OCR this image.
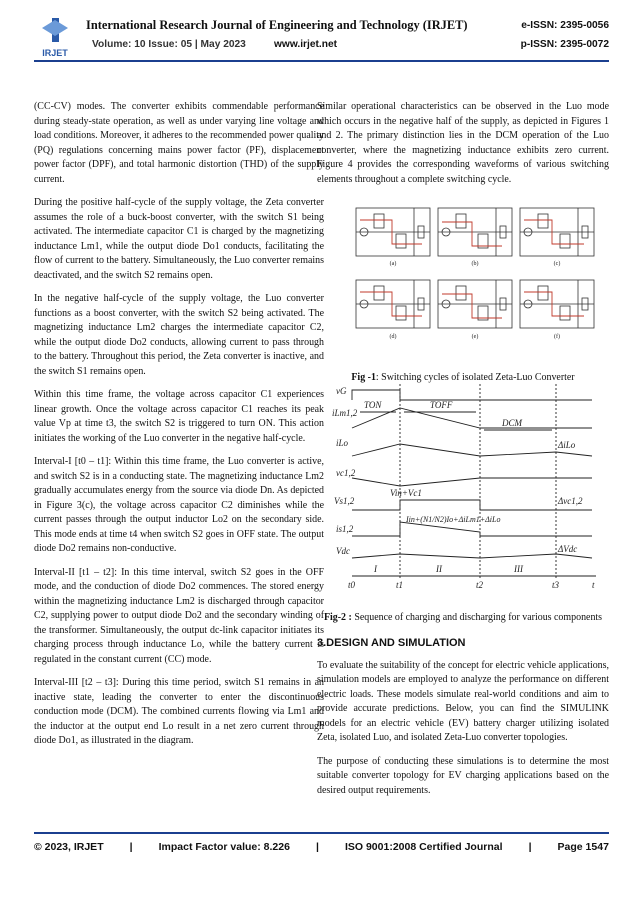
IRJET
International Research Journal of Engineering and Technology (IRJET)	e-ISSN: 2395-0056
Volume: 10 Issue: 05 | May 2023	www.irjet.net	p-ISSN: 2395-0072

(CC-CV) modes. The converter exhibits commendable performance during steady-state operation, as well as under varying line voltage and load conditions. Moreover, it adheres to the recommended power quality (PQ) regulations concerning mains power factor (PF), displacement power factor (DPF), and total harmonic distortion (THD) of the supply current.

During the positive half-cycle of the supply voltage, the Zeta converter assumes the role of a buck-boost converter, with the switch S1 being activated. The intermediate capacitor C1 is charged by the magnetizing inductance Lm1, while the output diode Do1 conducts, facilitating the flow of current to the battery. Simultaneously, the Luo converter remains deactivated, and the switch S2 remains open.

In the negative half-cycle of the supply voltage, the Luo converter functions as a boost converter, with the switch S2 being activated. The magnetizing inductance Lm2 charges the intermediate capacitor C2, while the output diode Do2 conducts, allowing current to pass through to the battery. Throughout this period, the Zeta converter is inactive, and the switch S1 remains open.

Within this time frame, the voltage across capacitor C1 experiences linear growth. Once the voltage across capacitor C1 reaches its peak value Vp at time t3, the switch S2 is triggered to turn ON. This action initiates the working of the Luo converter in the negative half-cycle.

Interval-I [t0 – t1]: Within this time frame, the Luo converter is active, and switch S2 is in a conducting state. The magnetizing inductance Lm2 gradually accumulates energy from the source via diode Dn. As depicted in Figure 3(c), the voltage across capacitor C2 diminishes while the current passes through the output inductor Lo2 on the secondary side. This mode ends at time t4 when switch S2 goes in OFF state. The output diode Do2 remains non-conductive.

Interval-II [t1 – t2]: In this time interval, switch S2 goes in the OFF mode, and the conduction of diode Do2 commences. The stored energy within the magnetizing inductance Lm2 is discharged through capacitor C2, supplying power to output diode Do2 and the secondary winding of the transformer. Simultaneously, the output dc-link capacitor initiates its charging process through inductance Lo, while the battery current is regulated in the constant current (CC) mode.

Interval-III [t2 – t3]: During this time period, switch S1 remains in an inactive state, leading the converter to enter the discontinuous conduction mode (DCM). The combined currents flowing via Lm1 and the inductor at the output end Lo result in a net zero current through diode Do1, as illustrated in the diagram.

Similar operational characteristics can be observed in the Luo mode which occurs in the negative half of the supply, as depicted in Figures 1 and 2. The primary distinction lies in the DCM operation of the Luo converter, where the magnetizing inductance exhibits zero current. Figure 4 provides the corresponding waveforms of various switching elements throughout a complete switching cycle.

Fig -1: Switching cycles of isolated Zeta-Luo Converter
Fig-2 : Sequence of charging and discharging for various components
3.DESIGN AND SIMULATION

To evaluate the suitability of the concept for electric vehicle applications, simulation models are employed to analyze the performance on different electric loads. These models simulate real-world conditions and aim to provide accurate predictions. Below, you can find the SIMULINK models for an electric vehicle (EV) battery charger utilizing isolated Zeta, isolated Luo, and isolated Zeta-Luo converter topologies.

The purpose of conducting these simulations is to determine the most suitable converter topology for EV charging applications based on the desired output requirements.

(a)	(b)	(c)
(d)	(e)	(f)
vG
iLm1,2
iLo
vc1,2
Vs1,2
is1,2
Vdc
TON	TOFF
DCM
ΔiLo
Vin+Vc1
Δvc1,2
Iin+(N1/N2)Io+ΔiLm1+ΔiLo
ΔVdc
t0	t1	t2	t3	t
I	II	III
© 2023, IRJET | Impact Factor value: 8.226 | ISO 9001:2008 Certified Journal | Page 1547
